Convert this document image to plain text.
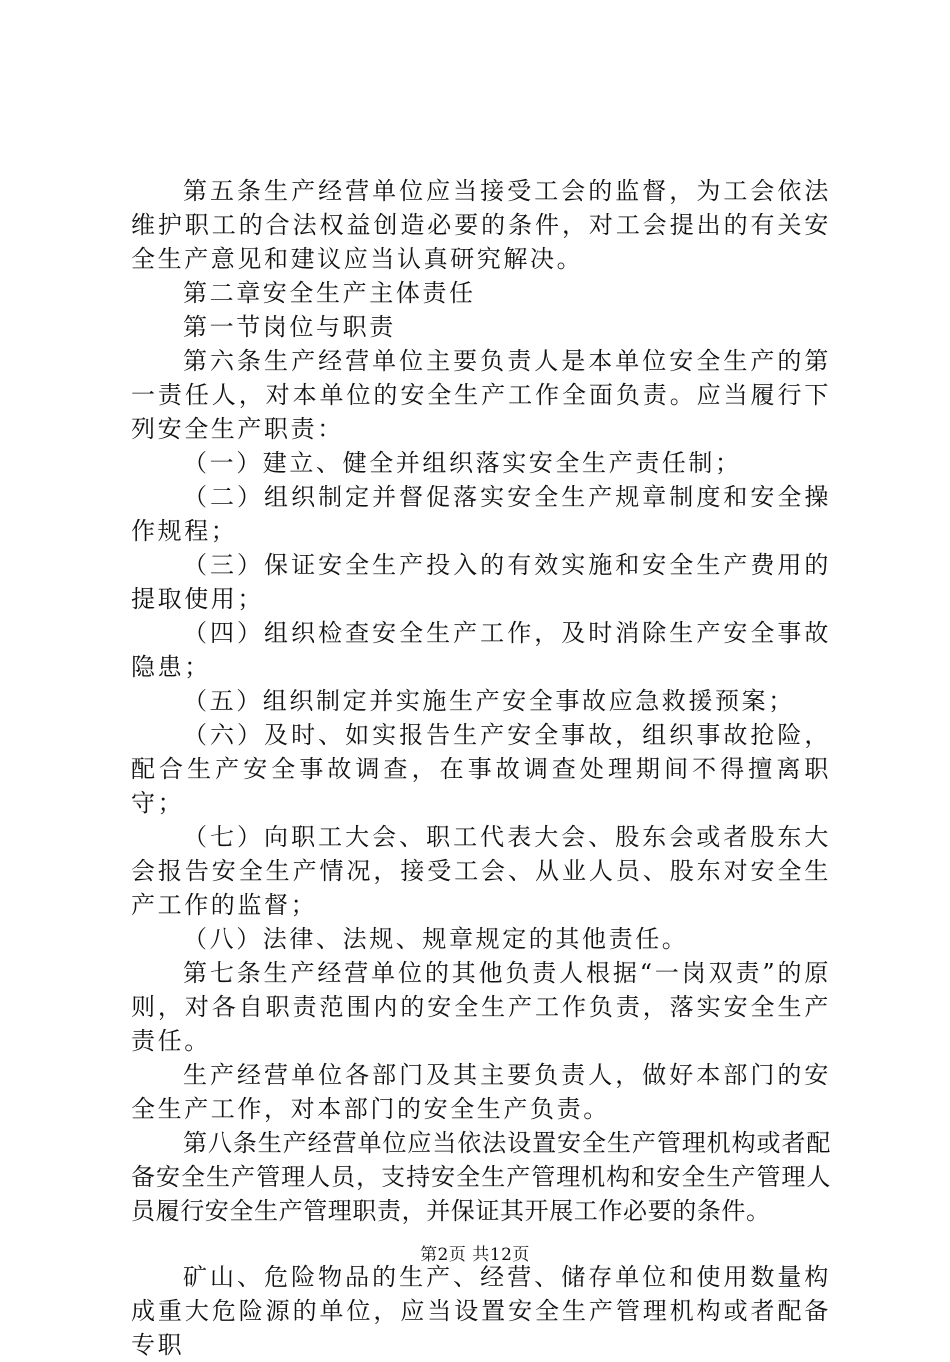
第五条生产经营单位应当接受工会的监督，为工会依法维护职工的合法权益创造必要的条件，对工会提出的有关安全生产意见和建议应当认真研究解决。

第二章安全生产主体责任

第一节岗位与职责

第六条生产经营单位主要负责人是本单位安全生产的第一责任人，对本单位的安全生产工作全面负责。应当履行下列安全生产职责：

（一）建立、健全并组织落实安全生产责任制；

（二）组织制定并督促落实安全生产规章制度和安全操作规程；

（三）保证安全生产投入的有效实施和安全生产费用的提取使用；

（四）组织检查安全生产工作，及时消除生产安全事故隐患；

（五）组织制定并实施生产安全事故应急救援预案；

（六）及时、如实报告生产安全事故，组织事故抢险，配合生产安全事故调查，在事故调查处理期间不得擅离职守；

（七）向职工大会、职工代表大会、股东会或者股东大会报告安全生产情况，接受工会、从业人员、股东对安全生产工作的监督；

（八）法律、法规、规章规定的其他责任。

第七条生产经营单位的其他负责人根据“一岗双责”的原则，对各自职责范围内的安全生产工作负责，落实安全生产责任。

生产经营单位各部门及其主要负责人，做好本部门的安全生产工作，对本部门的安全生产负责。

第八条生产经营单位应当依法设置安全生产管理机构或者配备安全生产管理人员，支持安全生产管理机构和安全生产管理人员履行安全生产管理职责，并保证其开展工作必要的条件。

矿山、危险物品的生产、经营、储存单位和使用数量构成重大危险源的单位，应当设置安全生产管理机构或者配备专职

第2页 共12页
